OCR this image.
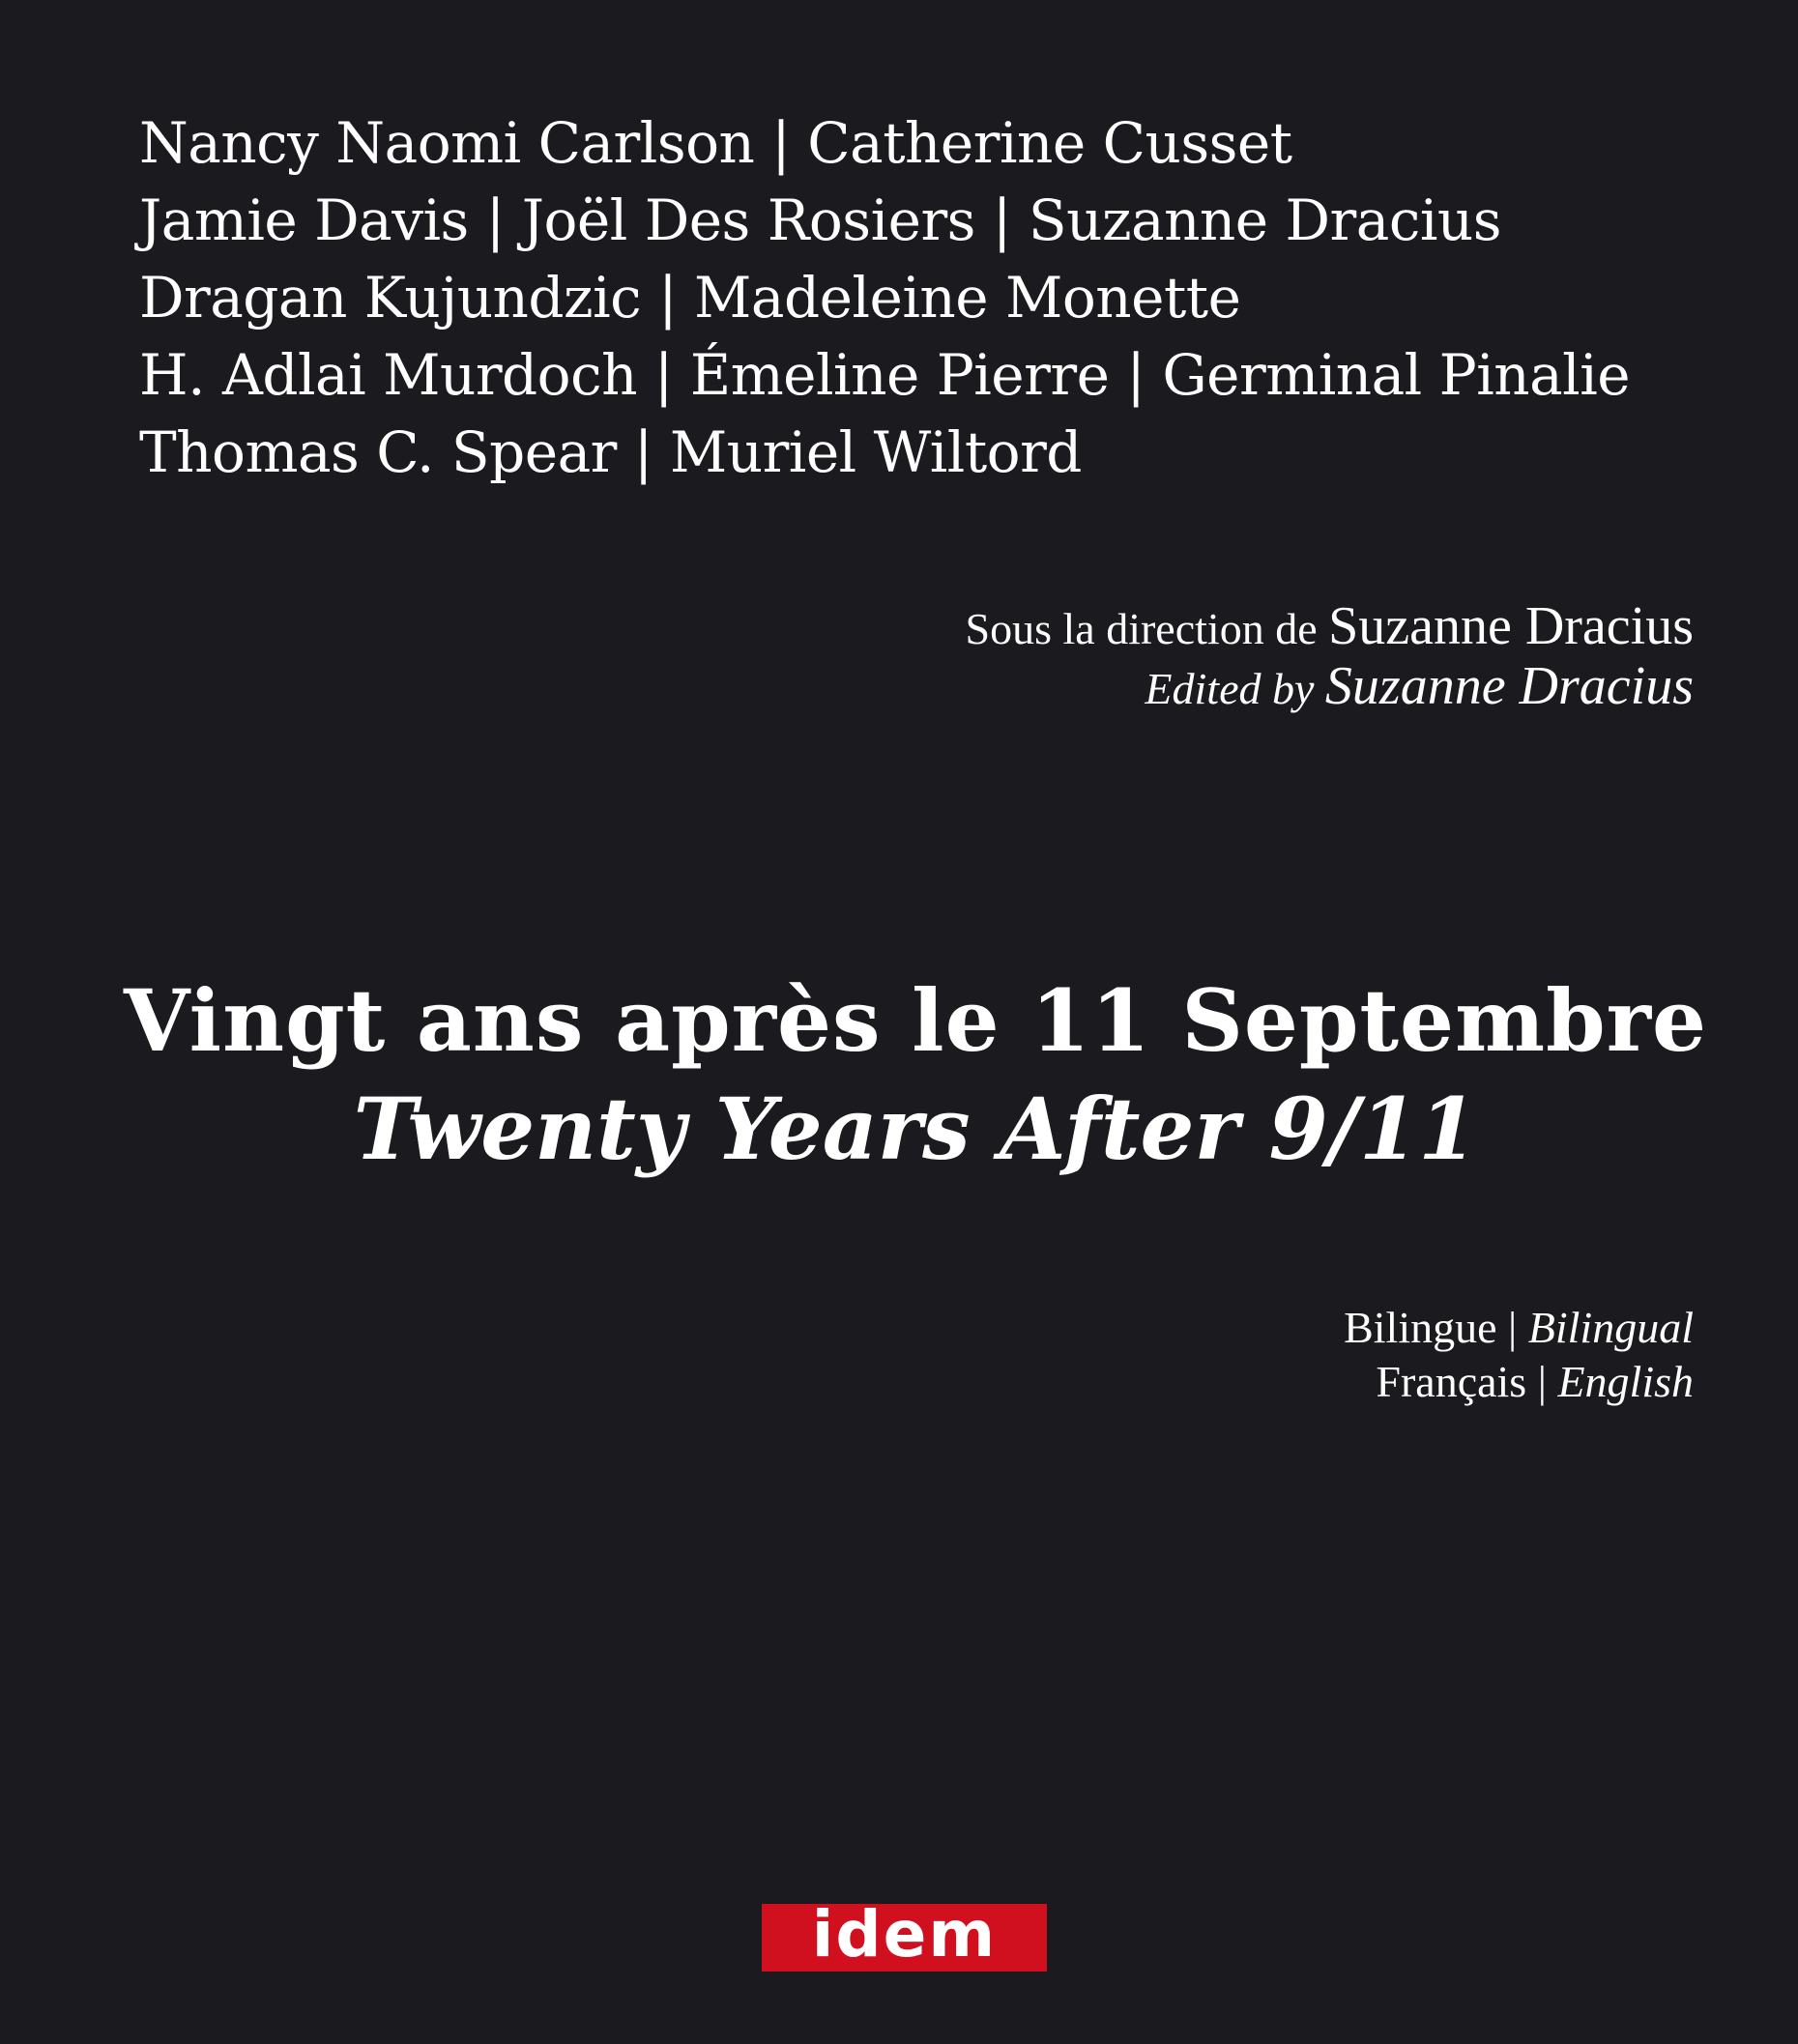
Nancy Naomi Carlson | Catherine Cusset
Jamie Davis | Joël Des Rosiers | Suzanne Dracius
Dragan Kujundzic | Madeleine Monette
H. Adlai Murdoch | Émeline Pierre | Germinal Pinalie
Thomas C. Spear | Muriel Wiltord
Sous la direction de Suzanne Dracius
Edited by Suzanne Dracius
Vingt ans après le 11 Septembre
Twenty Years After 9/11
Bilingue | Bilingual
Français | English
idem
